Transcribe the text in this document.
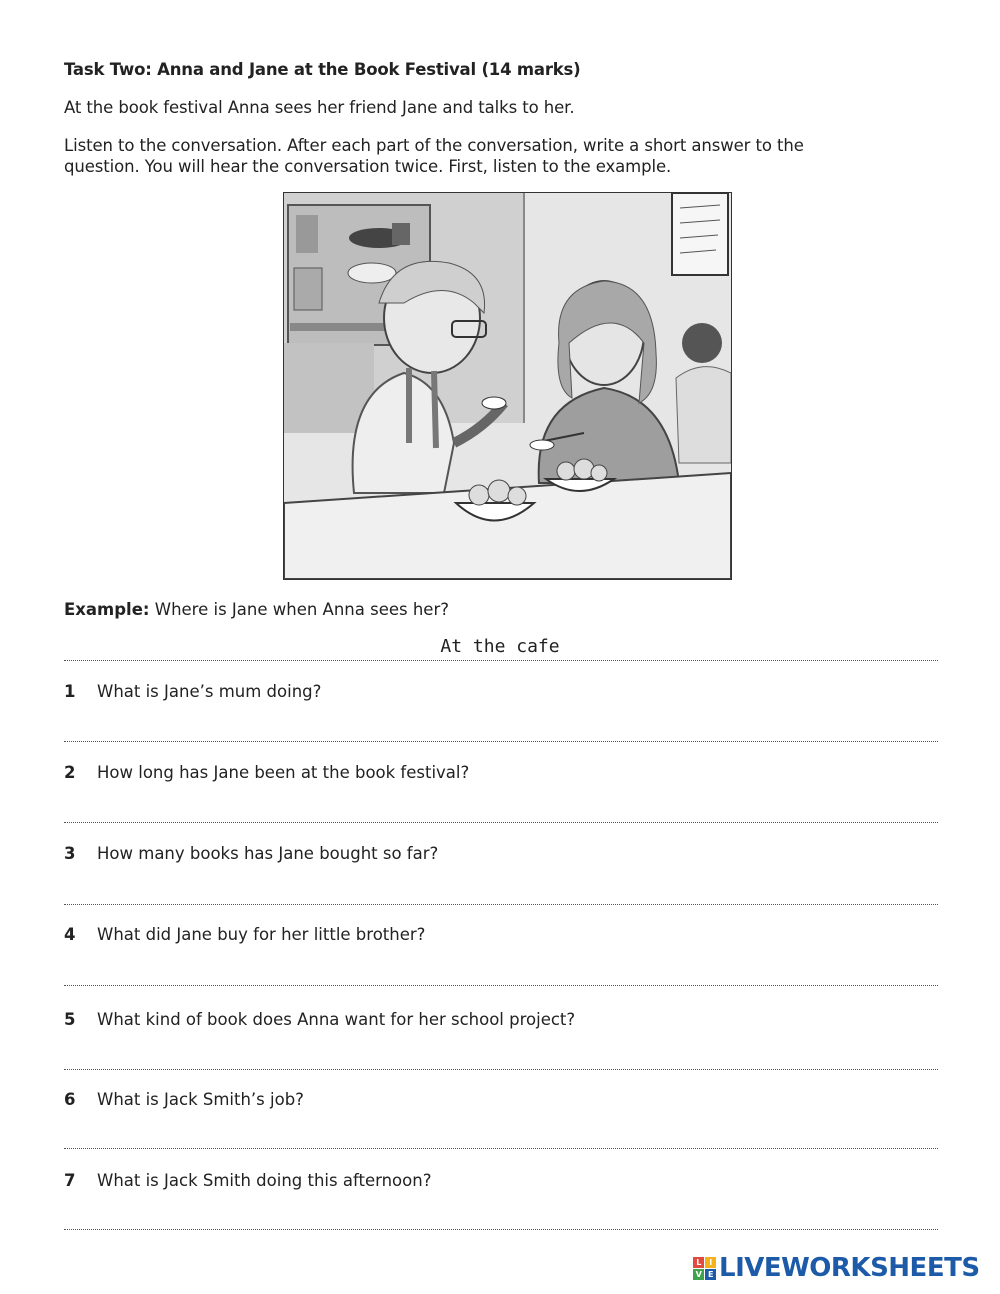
Task Two: Anna and Jane at the Book Festival (14 marks)
At the book festival Anna sees her friend Jane and talks to her.
Listen to the conversation. After each part of the conversation, write a short answer to the question. You will hear the conversation twice. First, listen to the example.
Example: Where is Jane when Anna sees her?
At the cafe
1 What is Jane’s mum doing?
2 How long has Jane been at the book festival?
3 How many books has Jane bought so far?
4 What did Jane buy for her little brother?
5 What kind of book does Anna want for her school project?
6 What is Jack Smith’s job?
7 What is Jack Smith doing this afternoon?
L	I
V E LIVEWORKSHEETS
